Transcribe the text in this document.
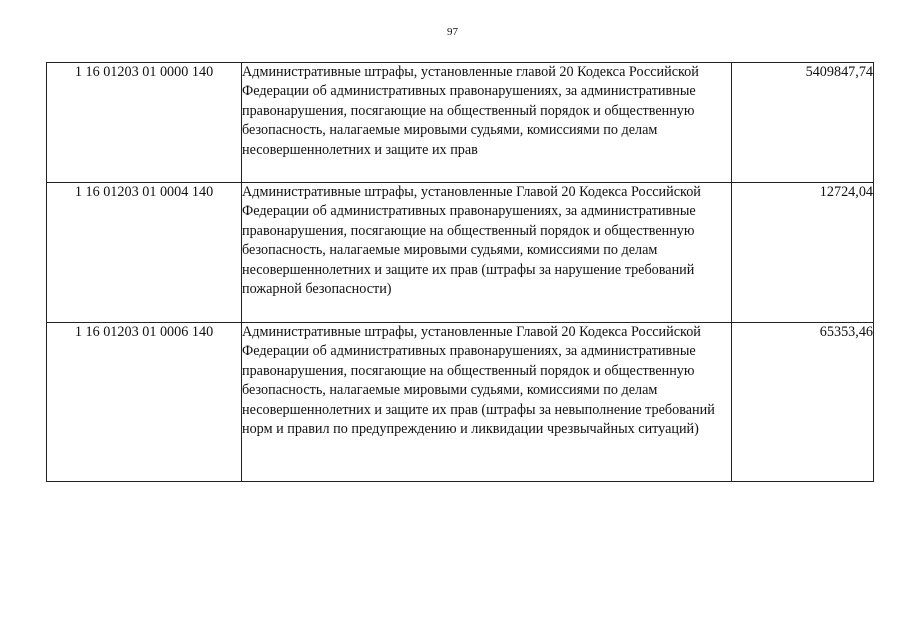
97
1 16 01203 01 0000 140	Административные штрафы, установленные главой 20 Кодекса Российской Федерации об административных правонарушениях, за административные правонарушения, посягающие на общественный порядок и общественную безопасность, налагаемые мировыми судьями, комиссиями по делам несовершеннолетних и защите их прав	5409847,74
1 16 01203 01 0004 140	Административные штрафы, установленные Главой 20 Кодекса Российской Федерации об административных правонарушениях, за административные правонарушения, посягающие на общественный порядок и общественную безопасность, налагаемые мировыми судьями, комиссиями по делам несовершеннолетних и защите их прав (штрафы за нарушение требований пожарной безопасности)	12724,04
1 16 01203 01 0006 140	Административные штрафы, установленные Главой 20 Кодекса Российской Федерации об административных правонарушениях, за административные правонарушения, посягающие на общественный порядок и общественную безопасность, налагаемые мировыми судьями, комиссиями по делам несовершеннолетних и защите их прав (штрафы за невыполнение требований норм и правил по предупреждению и ликвидации чрезвычайных ситуаций)	65353,46
